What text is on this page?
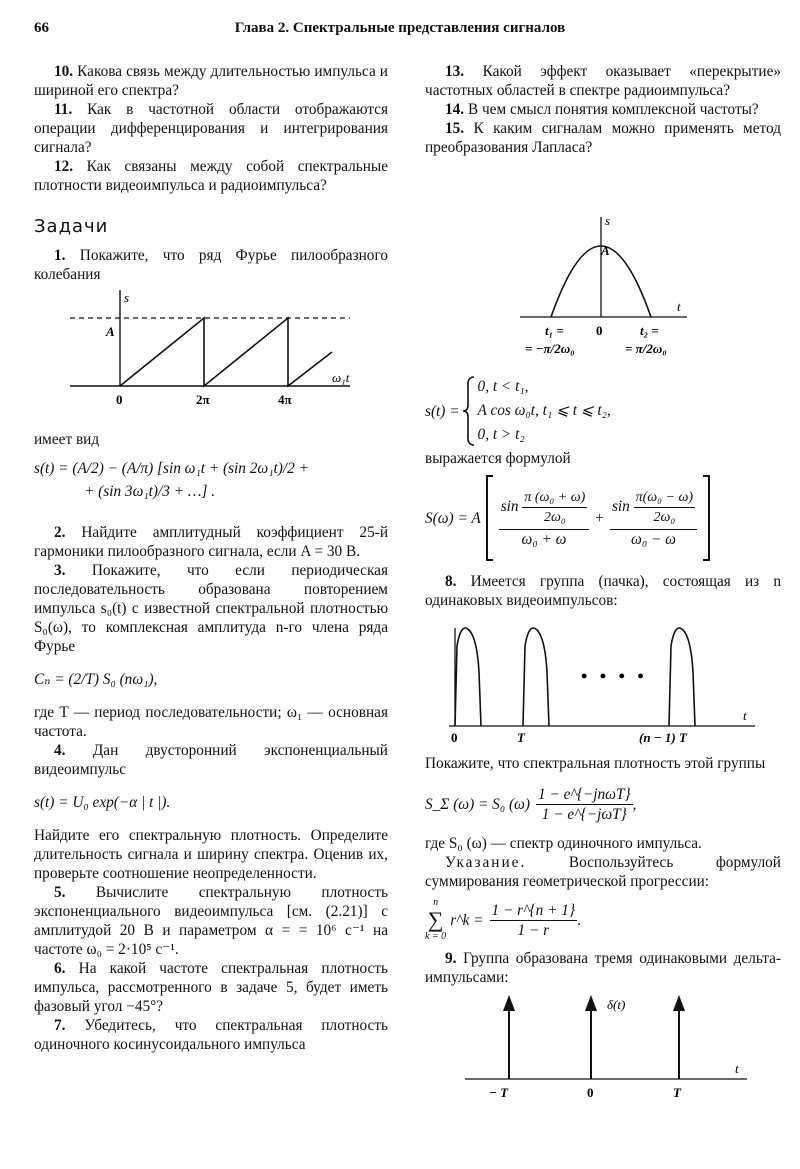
66	Глава 2. Спектральные представления сигналов

10. Какова связь между длительностью импульса и шириной его спектра?

11. Как в частотной области отображаются операции дифференцирования и интегрирования сигнала?

12. Как связаны между собой спектральные плотности видеоимпульса и радиоимпульса?

Задачи

1. Покажите, что ряд Фурье пилообразного колебания

s
A
0	2π	4π
ω₁t

имеет вид

s(t) = (A/2) − (A/π) [sin ω₁t + (sin 2ω₁t)/2 +

+ (sin 3ω₁t)/3 + …] .

2. Найдите амплитудный коэффициент 25-й гармоники пилообразного сигнала, если A = 30 В.

3. Покажите, что если периодическая последовательность образована повторением импульса s₀(t) с известной спектральной плотностью S₀(ω), то комплексная амплитуда n-го члена ряда Фурье

Cₙ = (2/T) S₀ (nω₁),

где T — период последовательности; ω₁ — основная частота.

4. Дан двусторонний экспоненциальный видеоимпульс

s(t) = U₀ exp(−α | t |).

Найдите его спектральную плотность. Определите длительность сигнала и ширину спектра. Оценив их, проверьте соотношение неопределенности.

5. Вычислите спектральную плотность экспоненциального видеоимпульса [см. (2.21)] с амплитудой 20 В и параметром α = = 10⁶ с⁻¹ на частоте ω₀ = 2·10⁵ с⁻¹.

6. На какой частоте спектральная плотность импульса, рассмотренного в задаче 5, будет иметь фазовый угол −45°?

7. Убедитесь, что спектральная плотность одиночного косинусоидального импульса

13. Какой эффект оказывает «перекрытие» частотных областей в спектре радиоимпульса?

14. В чем смысл понятия комплексной частоты?

15. К каким сигналам можно применять метод преобразования Лапласа?

s
A
t
t₁ = 0	t₂ =
= −π/2ω₀	= π/2ω₀
s(t) =
0, t < t₁,
A cos ω₀t, t₁ ⩽ t ⩽ t₂,
0, t > t₂

выражается формулой

S(ω) = A $\frac{\sin \frac{\text{π (ω₀ + ω)}}{\text{2ω₀}}}{\text{ω₀ + ω}} + \frac{\sin \frac{\text{π(ω₀ − ω)}}{\text{2ω₀}}}{\text{ω₀ − ω}}$

8. Имеется группа (пачка), состоящая из n одинаковых видеоимпульсов:

• • • •
0	T	(n − 1) T
t

Покажите, что спектральная плотность этой группы

S_Σ (ω) = S₀ $(\omega) \frac{\text{1 − e\textasciicircum{}\{−jnωT\}}}{\text{1 − e\textasciicircum{}\{−jωT\}}}$ ,

где S₀ (ω) — спектр одиночного импульса.

Указание.	Воспользуйтесь формулой суммирования геометрической прогрессии:

n
∑
k = 0
r^k = $\frac{1 - r\^{}\{n + 1\}}{1 - r}$ .

9. Группа образована тремя одинаковыми дельта-импульсами:

δ(t)
− T	0	T
t
